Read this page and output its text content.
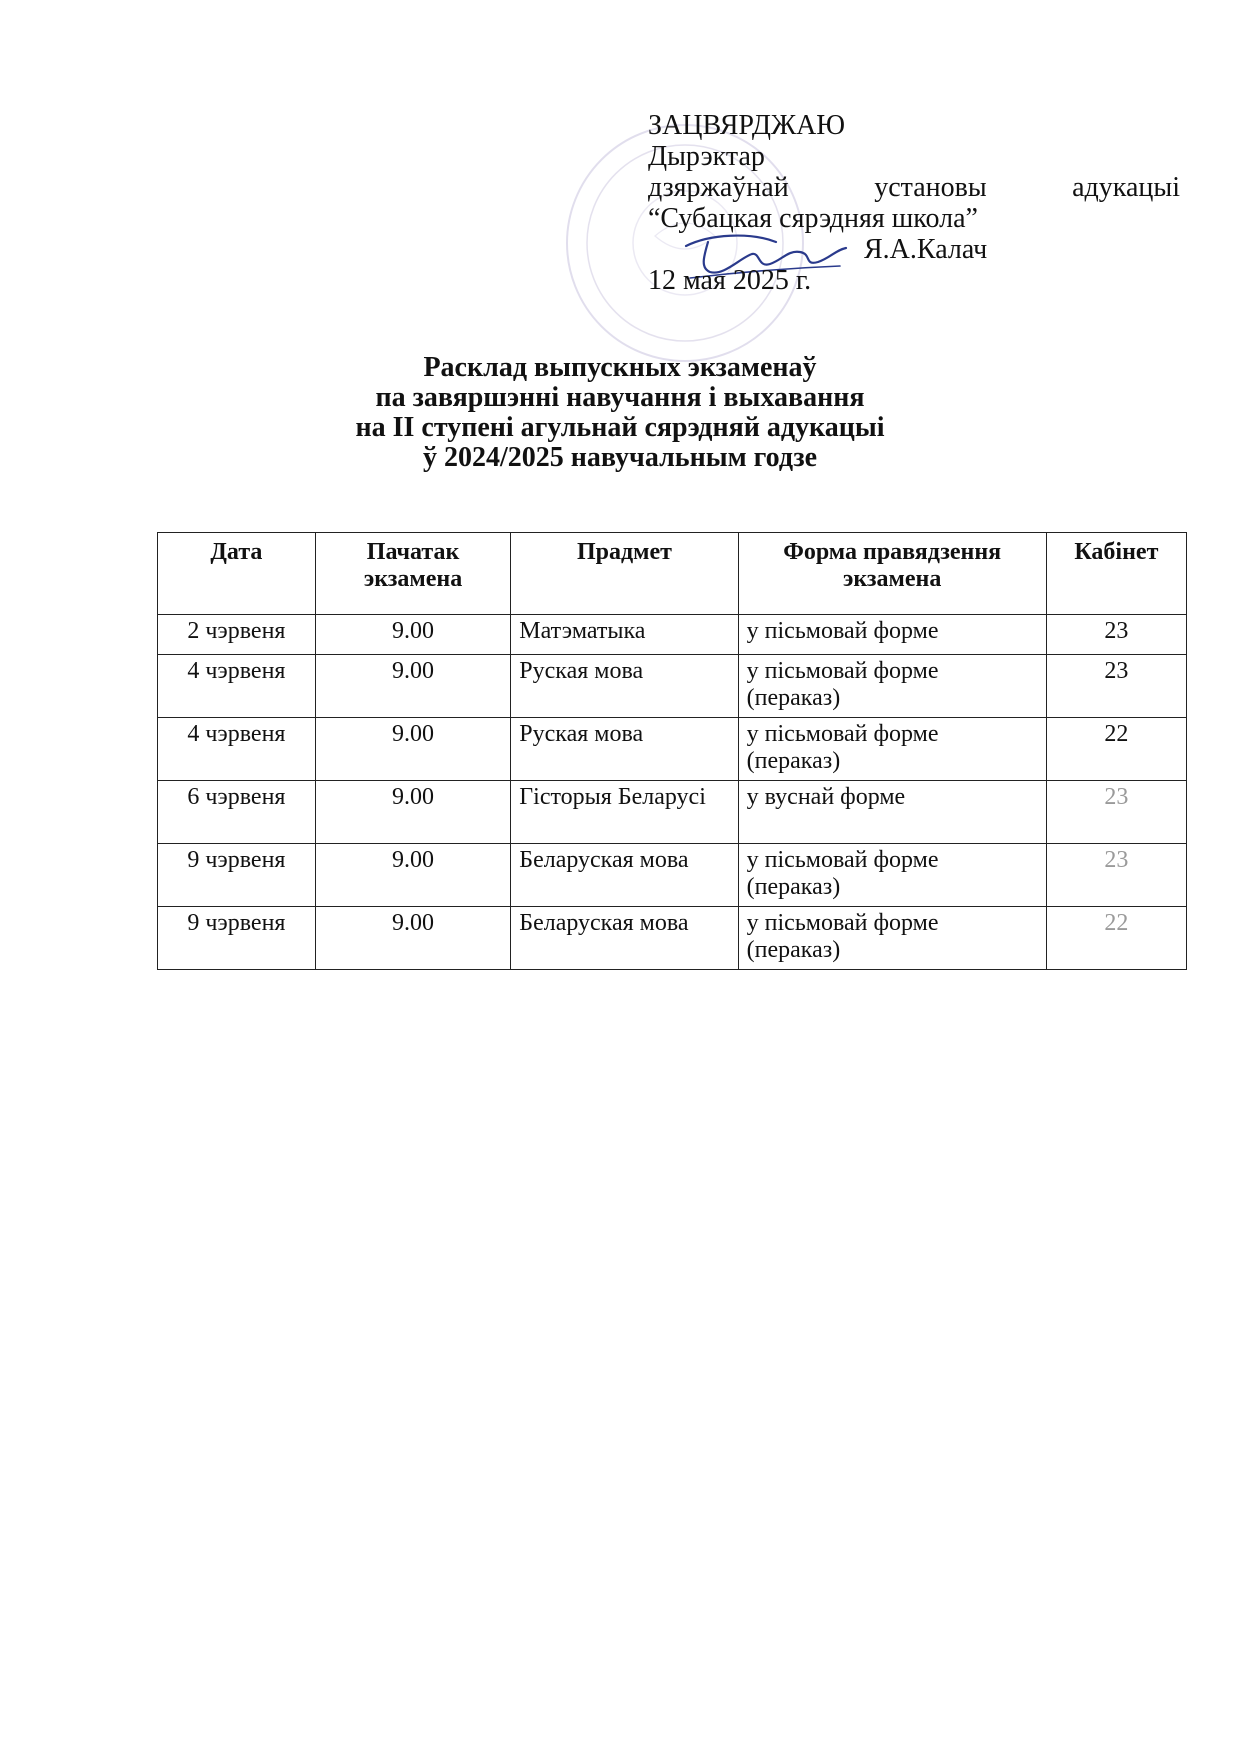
ЗАЦВЯРДЖАЮ
Дырэктар
дзяржаўнай	установы	адукацыі
“Субацкая сярэдняя школа”
Я.А.Калач
12 мая 2025 г.
Расклад выпускных экзаменаў
па завяршэнні навучання і выхавання
на ІІ ступені агульнай сярэдняй адукацыі
ў 2024/2025 навучальным годзе
Дата	Пачатак экзамена	Прадмет	Форма правядзення экзамена	Кабінет
2 чэрвеня	9.00	Матэматыка	у пісьмовай форме	23
4 чэрвеня	9.00	Руская мова	у пісьмовай форме (пераказ)	23
4 чэрвеня	9.00	Руская мова	у пісьмовай форме (пераказ)	22
6 чэрвеня	9.00	Гісторыя Беларусі	у вуснай форме	23
9 чэрвеня	9.00	Беларуская мова	у пісьмовай форме (пераказ)	23
9 чэрвеня	9.00	Беларуская мова	у пісьмовай форме (пераказ)	22
